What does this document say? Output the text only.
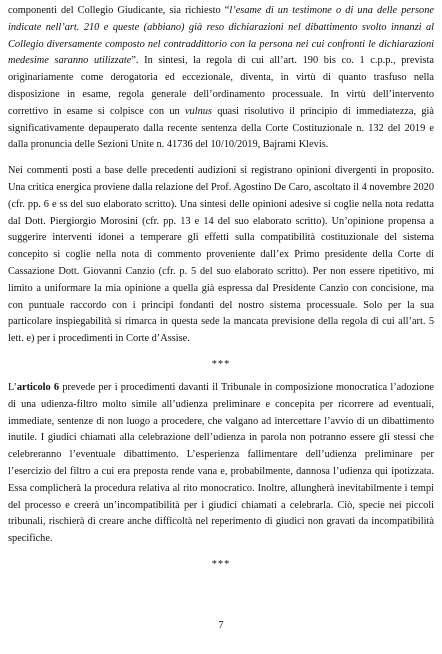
componenti del Collegio Giudicante, sia richiesto “l’esame di un testimone o di una delle persone indicate nell’art. 210 e queste (abbiano) già reso dichiarazioni nel dibattimento svolto innanzi al Collegio diversamente composto nel contraddittorio con la persona nei cui confronti le dichiarazioni medesime saranno utilizzate”. In sintesi, la regola di cui all’art. 190 bis co. 1 c.p.p., prevista originariamente come derogatoria ed eccezionale, diventa, in virtù di quanto trasfuso nella disposizione in esame, regola generale dell’ordinamento processuale. In virtù dell’intervento correttivo in esame si colpisce con un vulnus quasi risolutivo il principio di immediatezza, già significativamente depauperato dalla recente sentenza della Corte Costituzionale n. 132 del 2019 e dalla pronuncia delle Sezioni Unite n. 41736 del 10/10/2019, Bajrami Klevis.

Nei commenti posti a base delle precedenti audizioni si registrano opinioni divergenti in proposito. Una critica energica proviene dalla relazione del Prof. Agostino De Caro, ascoltato il 4 novembre 2020 (cfr. pp. 6 e ss del suo elaborato scritto). Una sintesi delle opinioni adesive si coglie nella nota redatta dal Dott. Piergiorgio Morosini (cfr. pp. 13 e 14 del suo elaborato scritto). Un’opinione propensa a suggerire interventi idonei a temperare gli effetti sulla compatibilità costituzionale del sistema concepito si coglie nella nota di commento proveniente dall’ex Primo presidente della Corte di Cassazione Dott. Giovanni Canzio (cfr. p. 5 del suo elaborato scritto). Per non essere ripetitivo, mi limito a uniformare la mia opinione a quella già espressa dal Presidente Canzio con concisione, ma con puntuale raccordo con i principi fondanti del nostro sistema processuale. Solo per la sua particolare inspiegabilità si rimarca in questa sede la mancata previsione della regola di cui all’art. 5 lett. e) per i procedimenti in Corte d’Assise.

***

L’articolo 6 prevede per i procedimenti davanti il Tribunale in composizione monocratica l’adozione di una udienza-filtro molto simile all’udienza preliminare e concepita per ricorrere ad eventuali, immediate, sentenze di non luogo a procedere, che valgano ad intercettare l’avvio di un dibattimento inutile. I giudici chiamati alla celebrazione dell’udienza in parola non potranno essere gli stessi che celebreranno l’eventuale dibattimento. L’esperienza fallimentare dell’udienza preliminare per l’esercizio del filtro a cui era preposta rende vana e, probabilmente, dannosa l’udienza qui ipotizzata. Essa complicherà la procedura relativa al rito monocratico. Inoltre, allungherà inevitabilmente i tempi del processo e creerà un’incompatibilità per i giudici chiamati a celebrarla. Ciò, specie nei piccoli tribunali, rischierà di creare anche difficoltà nel reperimento di giudici non gravati da incompatibilità specifiche.

***
7
